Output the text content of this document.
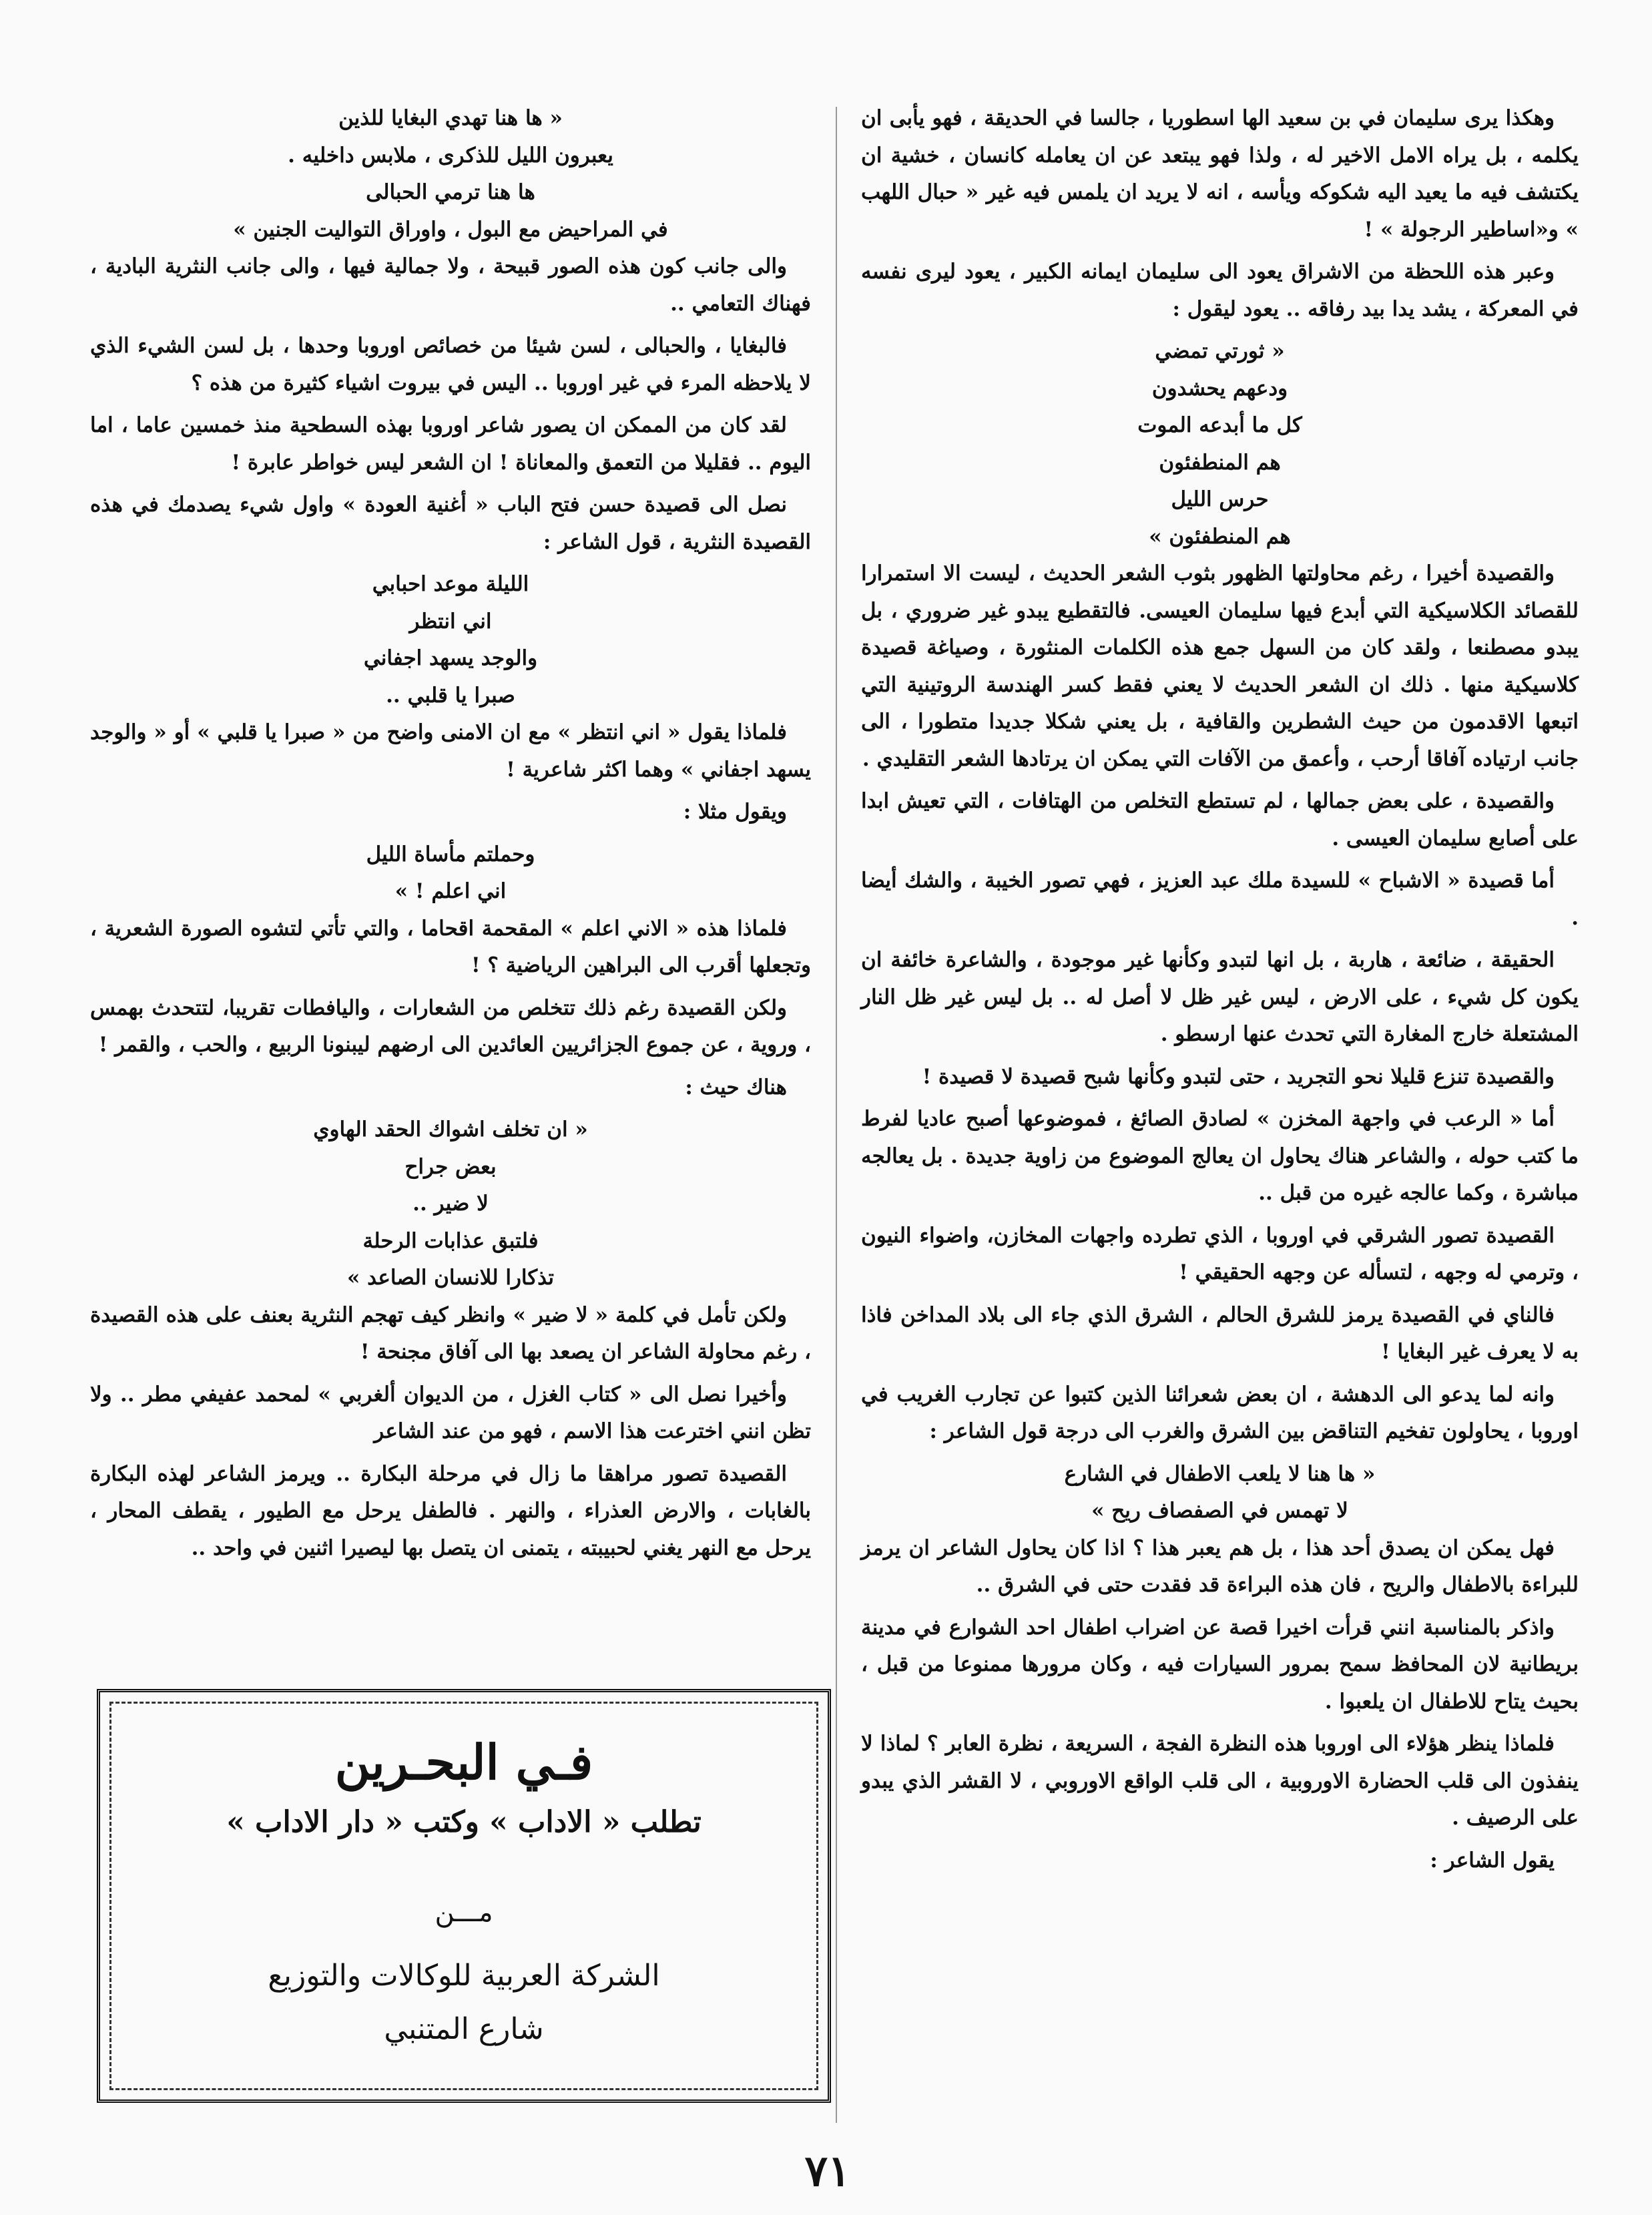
وهكذا يرى سليمان في بن سعيد الها اسطوريا ، جالسا في الحديقة ، فهو يأبى ان يكلمه ، بل يراه الامل الاخير له ، ولذا فهو يبتعد عن ان يعامله كانسان ، خشية ان يكتشف فيه ما يعيد اليه شكوكه ويأسه ، انه لا يريد ان يلمس فيه غير « حبال اللهب » و«اساطير الرجولة » !

وعبر هذه اللحظة من الاشراق يعود الى سليمان ايمانه الكبير ، يعود ليرى نفسه في المعركة ، يشد يدا بيد رفاقه .. يعود ليقول :

« ثورتي تمضي
ودعهم يحشدون
كل ما أبدعه الموت
هم المنطفئون
حرس الليل
هم المنطفئون »

والقصيدة أخيرا ، رغم محاولتها الظهور بثوب الشعر الحديث ، ليست الا استمرارا للقصائد الكلاسيكية التي أبدع فيها سليمان العيسى. فالتقطيع يبدو غير ضروري ، بل يبدو مصطنعا ، ولقد كان من السهل جمع هذه الكلمات المنثورة ، وصياغة قصيدة كلاسيكية منها . ذلك ان الشعر الحديث لا يعني فقط كسر الهندسة الروتينية التي اتبعها الاقدمون من حيث الشطرين والقافية ، بل يعني شكلا جديدا متطورا ، الى جانب ارتياده آفاقا أرحب ، وأعمق من الآفات التي يمكن ان يرتادها الشعر التقليدي .

والقصيدة ، على بعض جمالها ، لم تستطع التخلص من الهتافات ، التي تعيش ابدا على أصابع سليمان العيسى .

أما قصيدة « الاشباح » للسيدة ملك عبد العزيز ، فهي تصور الخيبة ، والشك أيضا .

الحقيقة ، ضائعة ، هاربة ، بل انها لتبدو وكأنها غير موجودة ، والشاعرة خائفة ان يكون كل شيء ، على الارض ، ليس غير ظل لا أصل له .. بل ليس غير ظل النار المشتعلة خارج المغارة التي تحدث عنها ارسطو .

والقصيدة تنزع قليلا نحو التجريد ، حتى لتبدو وكأنها شبح قصيدة لا قصيدة !

أما « الرعب في واجهة المخزن » لصادق الصائغ ، فموضوعها أصبح عاديا لفرط ما كتب حوله ، والشاعر هناك يحاول ان يعالج الموضوع من زاوية جديدة . بل يعالجه مباشرة ، وكما عالجه غيره من قبل ..

القصيدة تصور الشرقي في اوروبا ، الذي تطرده واجهات المخازن، واضواء النيون ، وترمي له وجهه ، لتسأله عن وجهه الحقيقي !

فالناي في القصيدة يرمز للشرق الحالم ، الشرق الذي جاء الى بلاد المداخن فاذا به لا يعرف غير البغايا !

وانه لما يدعو الى الدهشة ، ان بعض شعرائنا الذين كتبوا عن تجارب الغريب في اوروبا ، يحاولون تفخيم التناقض بين الشرق والغرب الى درجة قول الشاعر :

« ها هنا لا يلعب الاطفال في الشارع
لا تهمس في الصفصاف ريح »

فهل يمكن ان يصدق أحد هذا ، بل هم يعبر هذا ؟ اذا كان يحاول الشاعر ان يرمز للبراءة بالاطفال والريح ، فان هذه البراءة قد فقدت حتى في الشرق ..

واذكر بالمناسبة انني قرأت اخيرا قصة عن اضراب اطفال احد الشوارع في مدينة بريطانية لان المحافظ سمح بمرور السيارات فيه ، وكان مرورها ممنوعا من قبل ، بحيث يتاح للاطفال ان يلعبوا .

فلماذا ينظر هؤلاء الى اوروبا هذه النظرة الفجة ، السريعة ، نظرة العابر ؟ لماذا لا ينفذون الى قلب الحضارة الاوروبية ، الى قلب الواقع الاوروبي ، لا القشر الذي يبدو على الرصيف .

يقول الشاعر :

« ها هنا تهدي البغايا للذين
يعبرون الليل للذكرى ، ملابس داخليه .
ها هنا ترمي الحبالى
في المراحيض مع البول ، واوراق التواليت الجنين »

والى جانب كون هذه الصور قبيحة ، ولا جمالية فيها ، والى جانب النثرية البادية ، فهناك التعامي ..

فالبغايا ، والحبالى ، لسن شيئا من خصائص اوروبا وحدها ، بل لسن الشيء الذي لا يلاحظه المرء في غير اوروبا .. اليس في بيروت اشياء كثيرة من هذه ؟

لقد كان من الممكن ان يصور شاعر اوروبا بهذه السطحية منذ خمسين عاما ، اما اليوم .. فقليلا من التعمق والمعاناة ! ان الشعر ليس خواطر عابرة !

نصل الى قصيدة حسن فتح الباب « أغنية العودة » واول شيء يصدمك في هذه القصيدة النثرية ، قول الشاعر :

الليلة موعد احبابي
اني انتظر
والوجد يسهد اجفاني
صبرا يا قلبي ..

فلماذا يقول « اني انتظر » مع ان الامنى واضح من « صبرا يا قلبي » أو « والوجد يسهد اجفاني » وهما اكثر شاعرية !

ويقول مثلا :

وحملتم مأساة الليل
اني اعلم ! »

فلماذا هذه « الاني اعلم » المقحمة اقحاما ، والتي تأتي لتشوه الصورة الشعرية ، وتجعلها أقرب الى البراهين الرياضية ؟ !

ولكن القصيدة رغم ذلك تتخلص من الشعارات ، واليافطات تقريبا، لتتحدث بهمس ، وروية ، عن جموع الجزائريين العائدين الى ارضهم ليبنونا الربيع ، والحب ، والقمر !

هناك حيث :

« ان تخلف اشواك الحقد الهاوي
بعض جراح
لا ضير ..
فلتبق عذابات الرحلة
تذكارا للانسان الصاعد »

ولكن تأمل في كلمة « لا ضير » وانظر كيف تهجم النثرية بعنف على هذه القصيدة ، رغم محاولة الشاعر ان يصعد بها الى آفاق مجنحة !

وأخيرا نصل الى « كتاب الغزل ، من الديوان ألغربي » لمحمد عفيفي مطر .. ولا تظن انني اخترعت هذا الاسم ، فهو من عند الشاعر

القصيدة تصور مراهقا ما زال في مرحلة البكارة .. ويرمز الشاعر لهذه البكارة بالغابات ، والارض العذراء ، والنهر . فالطفل يرحل مع الطيور ، يقطف المحار ، يرحل مع النهر يغني لحبيبته ، يتمنى ان يتصل بها ليصيرا اثنين في واحد ..

فـي البحـرين
تطلب « الاداب » وكتب « دار الاداب »
مـــن
الشركة العربية للوكالات والتوزيع
شارع المتنبي
٧١
